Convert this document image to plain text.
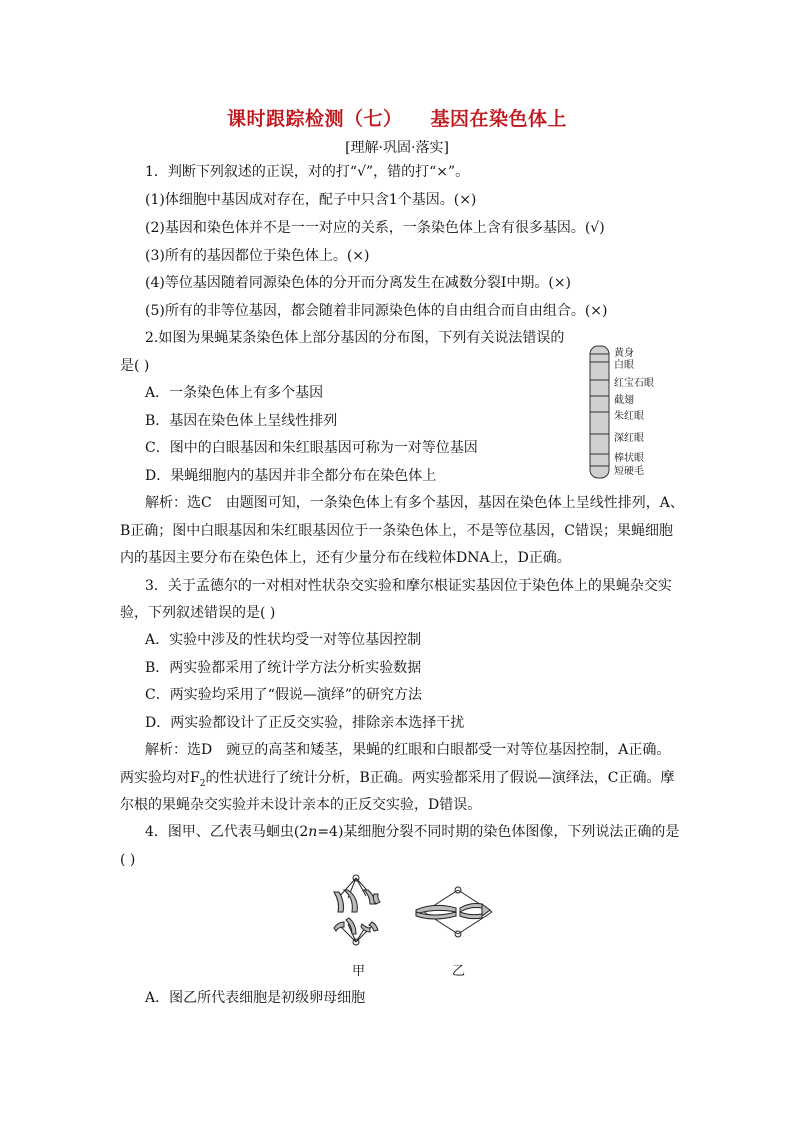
课时跟踪检测（七） 基因在染色体上
[理解·巩固·落实]
1．判断下列叙述的正误，对的打“√”，错的打“×”。
(1)体细胞中基因成对存在，配子中只含1个基因。(×)
(2)基因和染色体并不是一一对应的关系，一条染色体上含有很多基因。(√)
(3)所有的基因都位于染色体上。(×)
(4)等位基因随着同源染色体的分开而分离发生在减数分裂Ⅰ中期。(×)
(5)所有的非等位基因，都会随着非同源染色体的自由组合而自由组合。(×)
2.如图为果蝇某条染色体上部分基因的分布图，下列有关说法错误的
是( )
A．一条染色体上有多个基因
B．基因在染色体上呈线性排列
C．图中的白眼基因和朱红眼基因可称为一对等位基因
D．果蝇细胞内的基因并非全都分布在染色体上
黄身
白眼
红宝石眼
截翅
朱红眼
深红眼
棒状眼
短硬毛
解析：选C　由题图可知，一条染色体上有多个基因，基因在染色体上呈线性排列，A、
B正确；图中白眼基因和朱红眼基因位于一条染色体上，不是等位基因，C错误；果蝇细胞
内的基因主要分布在染色体上，还有少量分布在线粒体DNA上，D正确。
3．关于孟德尔的一对相对性状杂交实验和摩尔根证实基因位于染色体上的果蝇杂交实
验，下列叙述错误的是( )
A．实验中涉及的性状均受一对等位基因控制
B．两实验都采用了统计学方法分析实验数据
C．两实验均采用了“假说—演绎”的研究方法
D．两实验都设计了正反交实验，排除亲本选择干扰
解析：选D　豌豆的高茎和矮茎，果蝇的红眼和白眼都受一对等位基因控制，A正确。
两实验均对$F_2$的性状进行了统计分析，B正确。两实验都采用了假说—演绎法，C正确。摩
尔根的果蝇杂交实验并未设计亲本的正反交实验，D错误。
4．图甲、乙代表马蛔虫(2n=4)某细胞分裂不同时期的染色体图像，下列说法正确的是
( )
甲	乙
A．图乙所代表细胞是初级卵母细胞
